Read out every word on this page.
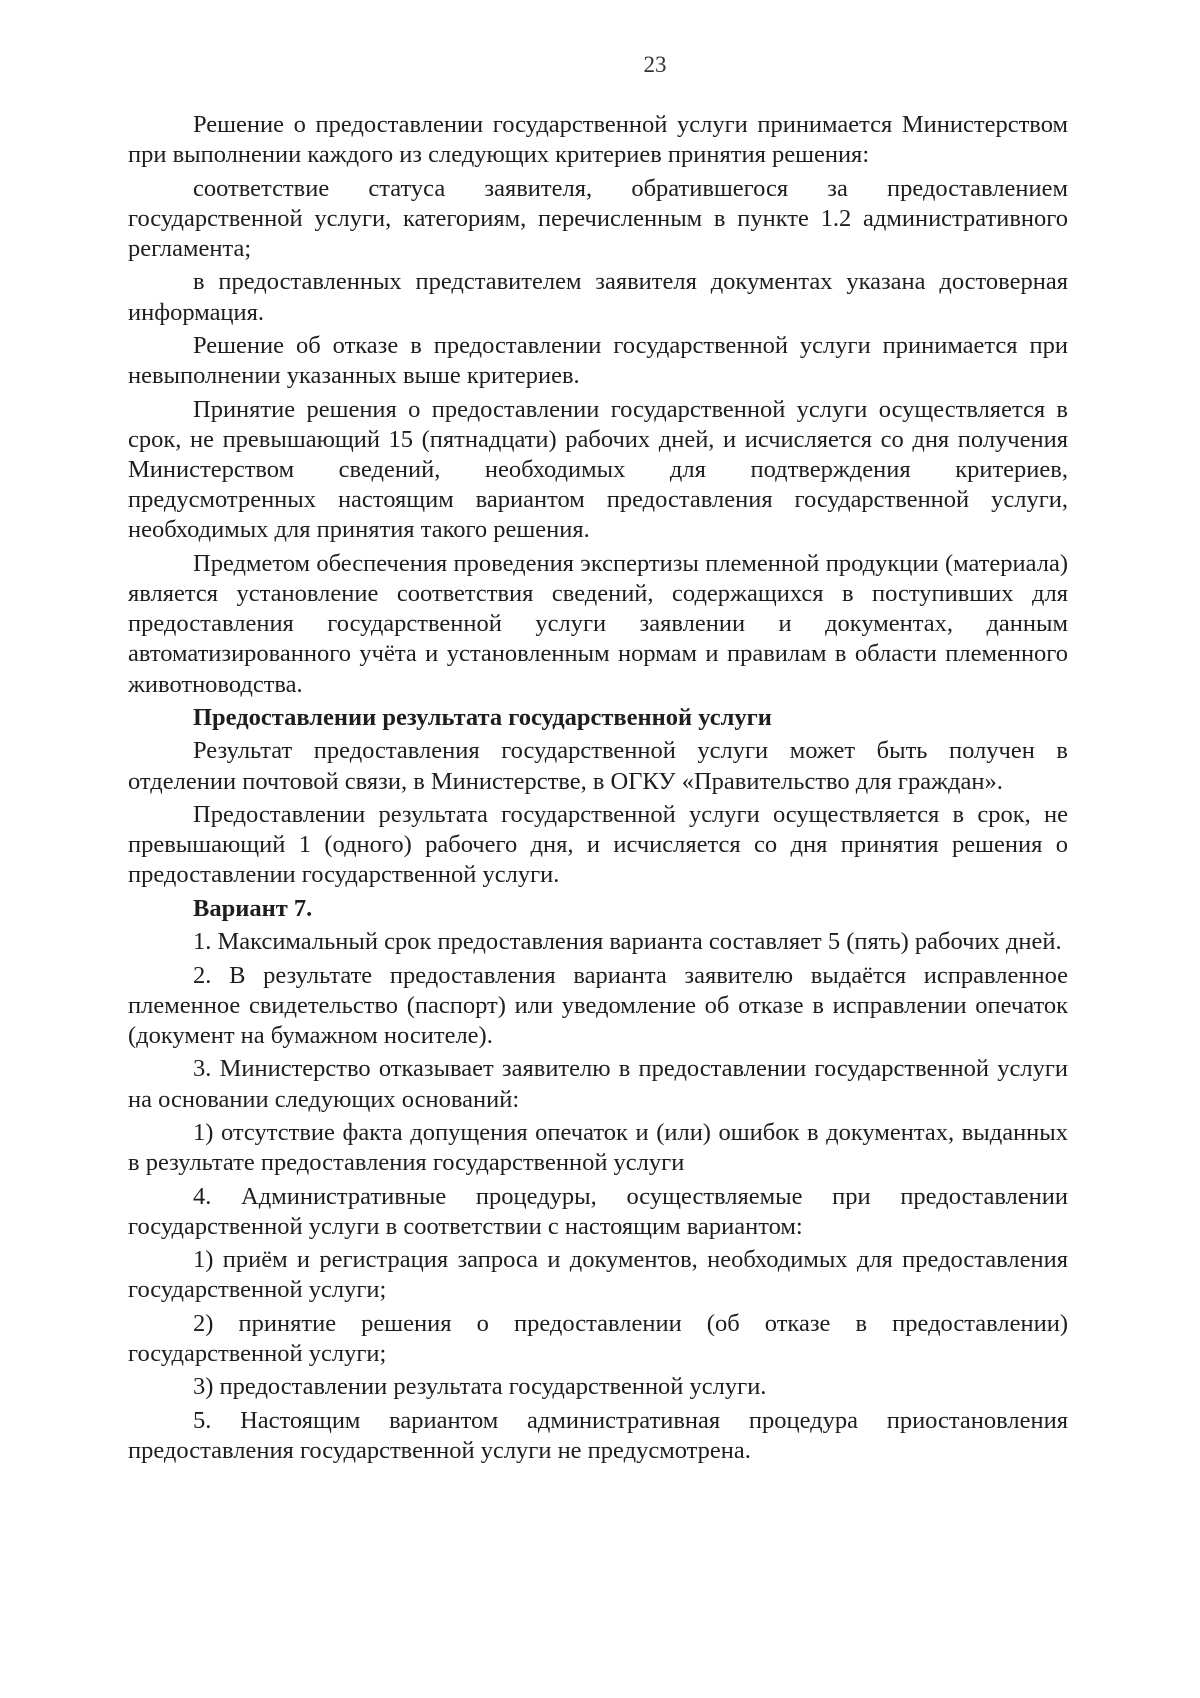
23

Решение о предоставлении государственной услуги принимается Министерством при выполнении каждого из следующих критериев принятия решения:

соответствие статуса заявителя, обратившегося за предоставлением государственной услуги, категориям, перечисленным в пункте 1.2 административного регламента;

в предоставленных представителем заявителя документах указана достоверная информация.

Решение об отказе в предоставлении государственной услуги принимается при невыполнении указанных выше критериев.

Принятие решения о предоставлении государственной услуги осуществляется в срок, не превышающий 15 (пятнадцати) рабочих дней, и исчисляется со дня получения Министерством сведений, необходимых для подтверждения критериев, предусмотренных настоящим вариантом предоставления государственной услуги, необходимых для принятия такого решения.

Предметом обеспечения проведения экспертизы племенной продукции (материала) является установление соответствия сведений, содержащихся в поступивших для предоставления государственной услуги заявлении и документах, данным автоматизированного учёта и установленным нормам и правилам в области племенного животноводства.

Предоставлении результата государственной услуги

Результат предоставления государственной услуги может быть получен в отделении почтовой связи, в Министерстве, в ОГКУ «Правительство для граждан».

Предоставлении результата государственной услуги осуществляется в срок, не превышающий 1 (одного) рабочего дня, и исчисляется со дня принятия решения о предоставлении государственной услуги.

Вариант 7.

1. Максимальный срок предоставления варианта составляет 5 (пять) рабочих дней.

2. В результате предоставления варианта заявителю выдаётся исправленное племенное свидетельство (паспорт) или уведомление об отказе в исправлении опечаток (документ на бумажном носителе).

3. Министерство отказывает заявителю в предоставлении государственной услуги на основании следующих оснований:

1) отсутствие факта допущения опечаток и (или) ошибок в документах, выданных в результате предоставления государственной услуги

4. Административные процедуры, осуществляемые при предоставлении государственной услуги в соответствии с настоящим вариантом:

1) приём и регистрация запроса и документов, необходимых для предоставления государственной услуги;

2) принятие решения о предоставлении (об отказе в предоставлении) государственной услуги;

3) предоставлении результата государственной услуги.

5. Настоящим вариантом административная процедура приостановления предоставления государственной услуги не предусмотрена.
